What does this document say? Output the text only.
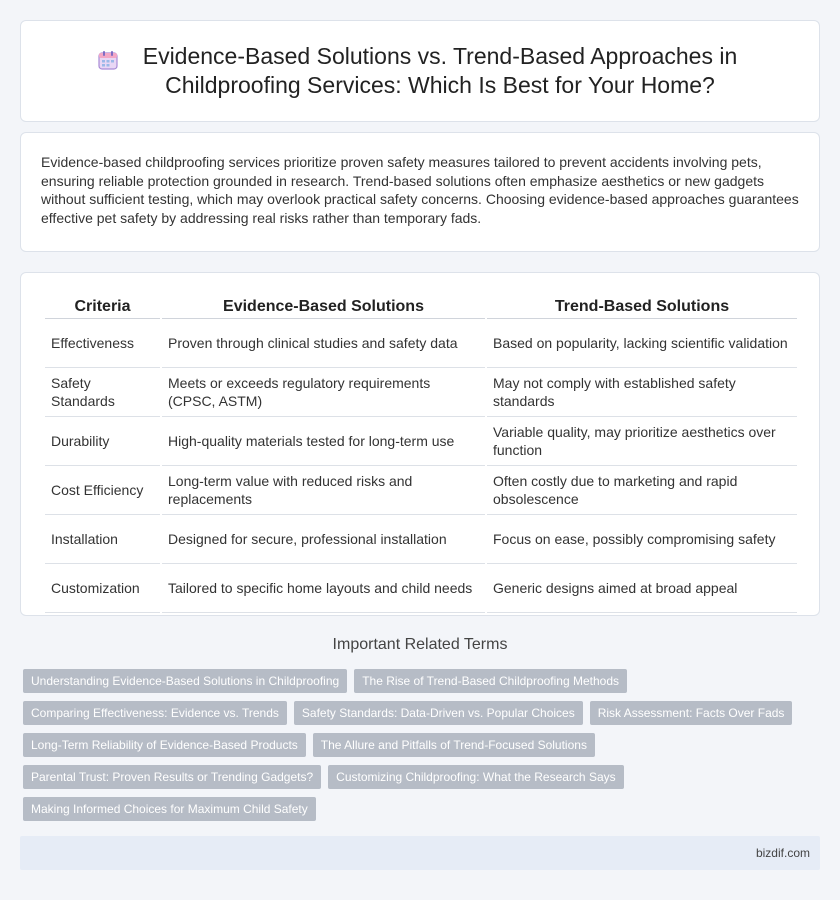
Evidence-Based Solutions vs. Trend-Based Approaches in Childproofing Services: Which Is Best for Your Home?

Evidence-based childproofing services prioritize proven safety measures tailored to prevent accidents involving pets, ensuring reliable protection grounded in research. Trend-based solutions often emphasize aesthetics or new gadgets without sufficient testing, which may overlook practical safety concerns. Choosing evidence-based approaches guarantees effective pet safety by addressing real risks rather than temporary fads.

Criteria	Evidence-Based Solutions	Trend-Based Solutions
Effectiveness	Proven through clinical studies and safety data	Based on popularity, lacking scientific validation
Safety Standards	Meets or exceeds regulatory requirements (CPSC, ASTM)	May not comply with established safety standards
Durability	High-quality materials tested for long-term use	Variable quality, may prioritize aesthetics over function
Cost Efficiency	Long-term value with reduced risks and replacements	Often costly due to marketing and rapid obsolescence
Installation	Designed for secure, professional installation	Focus on ease, possibly compromising safety
Customization	Tailored to specific home layouts and child needs	Generic designs aimed at broad appeal
Important Related Terms
Understanding Evidence-Based Solutions in Childproofing	The Rise of Trend-Based Childproofing Methods
Comparing Effectiveness: Evidence vs. Trends	Safety Standards: Data-Driven vs. Popular Choices	Risk Assessment: Facts Over Fads
Long-Term Reliability of Evidence-Based Products	The Allure and Pitfalls of Trend-Focused Solutions
Parental Trust: Proven Results or Trending Gadgets?	Customizing Childproofing: What the Research Says
Making Informed Choices for Maximum Child Safety
bizdif.com
